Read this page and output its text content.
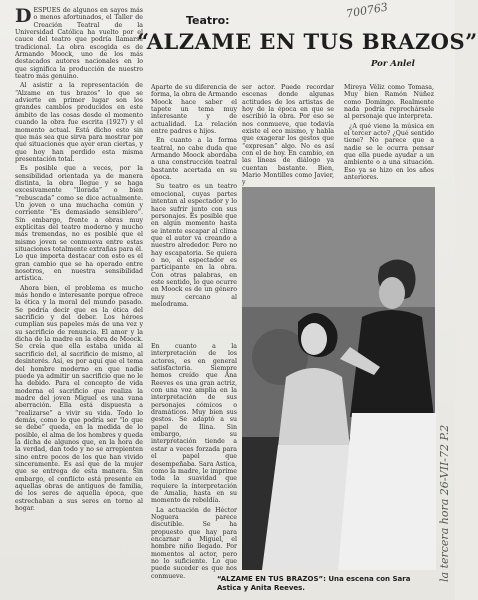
DESPUES de algunos en sayos más o menos afortunados, el Taller de Creación Teatral de la Universidad Católica ha vuelto por el cauce del teatro que podría llamarse tradicional. La obra escogida es de Armando Moock, uno de los más destacados autores nacionales en lo que significa la producción de nuestro teatro más genuino.

Al asistir a la representación de “Alzame en tus brazos” lo que se advierte en primer lugar son los grandes cambios producidos en este ámbito de las cosas desde el momento cuando la obra fue escrita (1927) y el momento actual. Está dicho esto sin que más sea que sirva para mostrar por qué situaciones que ayer eran ciertas, y que hoy han perdido esta misma presentación total.

Es posible que a veces, por la sensibilidad orientada ya de manera distinta, la obra llegue y se haga excesivamente “llorada” o bien “rebuscada” como se dice actualmente. Un joven o una muchacha común y corriente “Es demasiado sensiblero”. Sin embargo, frente a obras muy explícitas del teatro moderno y mucho más tremendas, no es posible que el mismo joven se conmueva entre estas situaciones totalmente extrañas para él. Lo que importa destacar con esto es el gran cambio que se ha operado entre nosotros, en nuestra sensibilidad artística.

Ahora bien, el problema es mucho más hondo e interesante porque ofrece la ética y la moral del mundo pasado. Se podría decir que es la ética del sacrificio y del deber. Los héroes cumplían sus papeles más de una vez y su sacrificio de renuncia. El amor y la dicha de la madre en la obra de Moock. Se creía que ella estaba unida al sacrificio del, al sacrificio de mismo, al desinterés. Así, es por aquí que el tema del hombre moderno en que nadie puede ya admitir un sacrificio que no le ha debido. Para el concepto de vida moderna el sacrificio que realiza la madre del joven Miguel es una vana aberración. Ella está dispuesta a “realizarse” a vivir su vida. Todo lo demás, como lo que podría ser “lo que se debe” queda, en la medida de lo posible, el alma de los hombres y queda la dicha de algunos que, en la hora de la verdad, dan todo y no se arrepienten sino entre pocos de los que han vivido sinceramente. Es así que de la mujer que se entrega de esta manera. Sin embargo, el conflicto está presente en aquellas obras de antiguos de familia, de los seres de aquella época, que estrechaban a sus seres en torno al hogar.

Teatro:
“ALZAME EN TUS BRAZOS”
Por Anlel
700763

Aparte de su diferencia de forma, la obra de Armando Moock hace saber el tapete un tema muy interesante y de actualidad. La relación entre padres e hijos.

En cuanto a la forma teatral, no cabe duda que Armando Moock abordaba a una construcción teatral bastante acertada en su época.

Su teatro es un teatro emocional, cuyas partes intentan al espectador y lo hace sufrir junto con sus personajes. Es posible que en algún momento hasta se intente escapar al clima que el autor va creando a nuestro alrededor. Pero no hay escapatoria. Se quiera o no, el espectador es participante en la obra. Con otras palabras, en este sentido, lo que ocurre en Moock es de un género muy cercano al melodrama.

ser actor. Puede recordar escenas donde algunas actitudes de los artistas de hoy de la época en que se escribió la obra. Por eso se nos conmueve, que todavía existe el eco mismo, y habla que exagerar los gestos que “expresan” algo. No es así con el de hoy. En cambio, en las líneas de diálogo ya cuentan bastante. Bien, Mario Montilles como Javier, y

Mireya Véliz como Tomasa, Muy bien Ramón Núñez como Domingo. Realmente nada podría reprochársele al personaje que interpreta.

¿A qué viene la música en el tercer acto? ¿Qué sentido tiene? No parece que a nadie se le ocurra pensar que ella puede ayudar a un ambiente o a una situación. Eso ya se hizo en los años anteriores.

En cuanto a la interpretación de los actores, es en general satisfactoria. Siempre hemos creído que Ana Reeves es una gran actriz, con una voz amplia en la interpretación de sus personajes cómicos o dramáticos. Muy bien sus gestos. Se adaptó a su papel de Ilina. Sin embargo, su interpretación tiende a estar a veces forzada para el papel que desempeñaba. Sara Astica, como la madre, le imprime toda la suavidad que requiere la interpretación de Amalia, hasta en su momento de rebeldía.

La actuación de Héctor Noguera parece discutible. Se ha propuesto que hay para encarnar a Miguel, el hombre niño llegado. Por momentos al actor, pero no lo suficiente. Lo que puede suceder es que nos conmueve.	“ALZAME EN TUS BRAZOS”: Una escena con Sara Astica y Anita Reeves.
la tercera hora 26-VII-72 P.2
